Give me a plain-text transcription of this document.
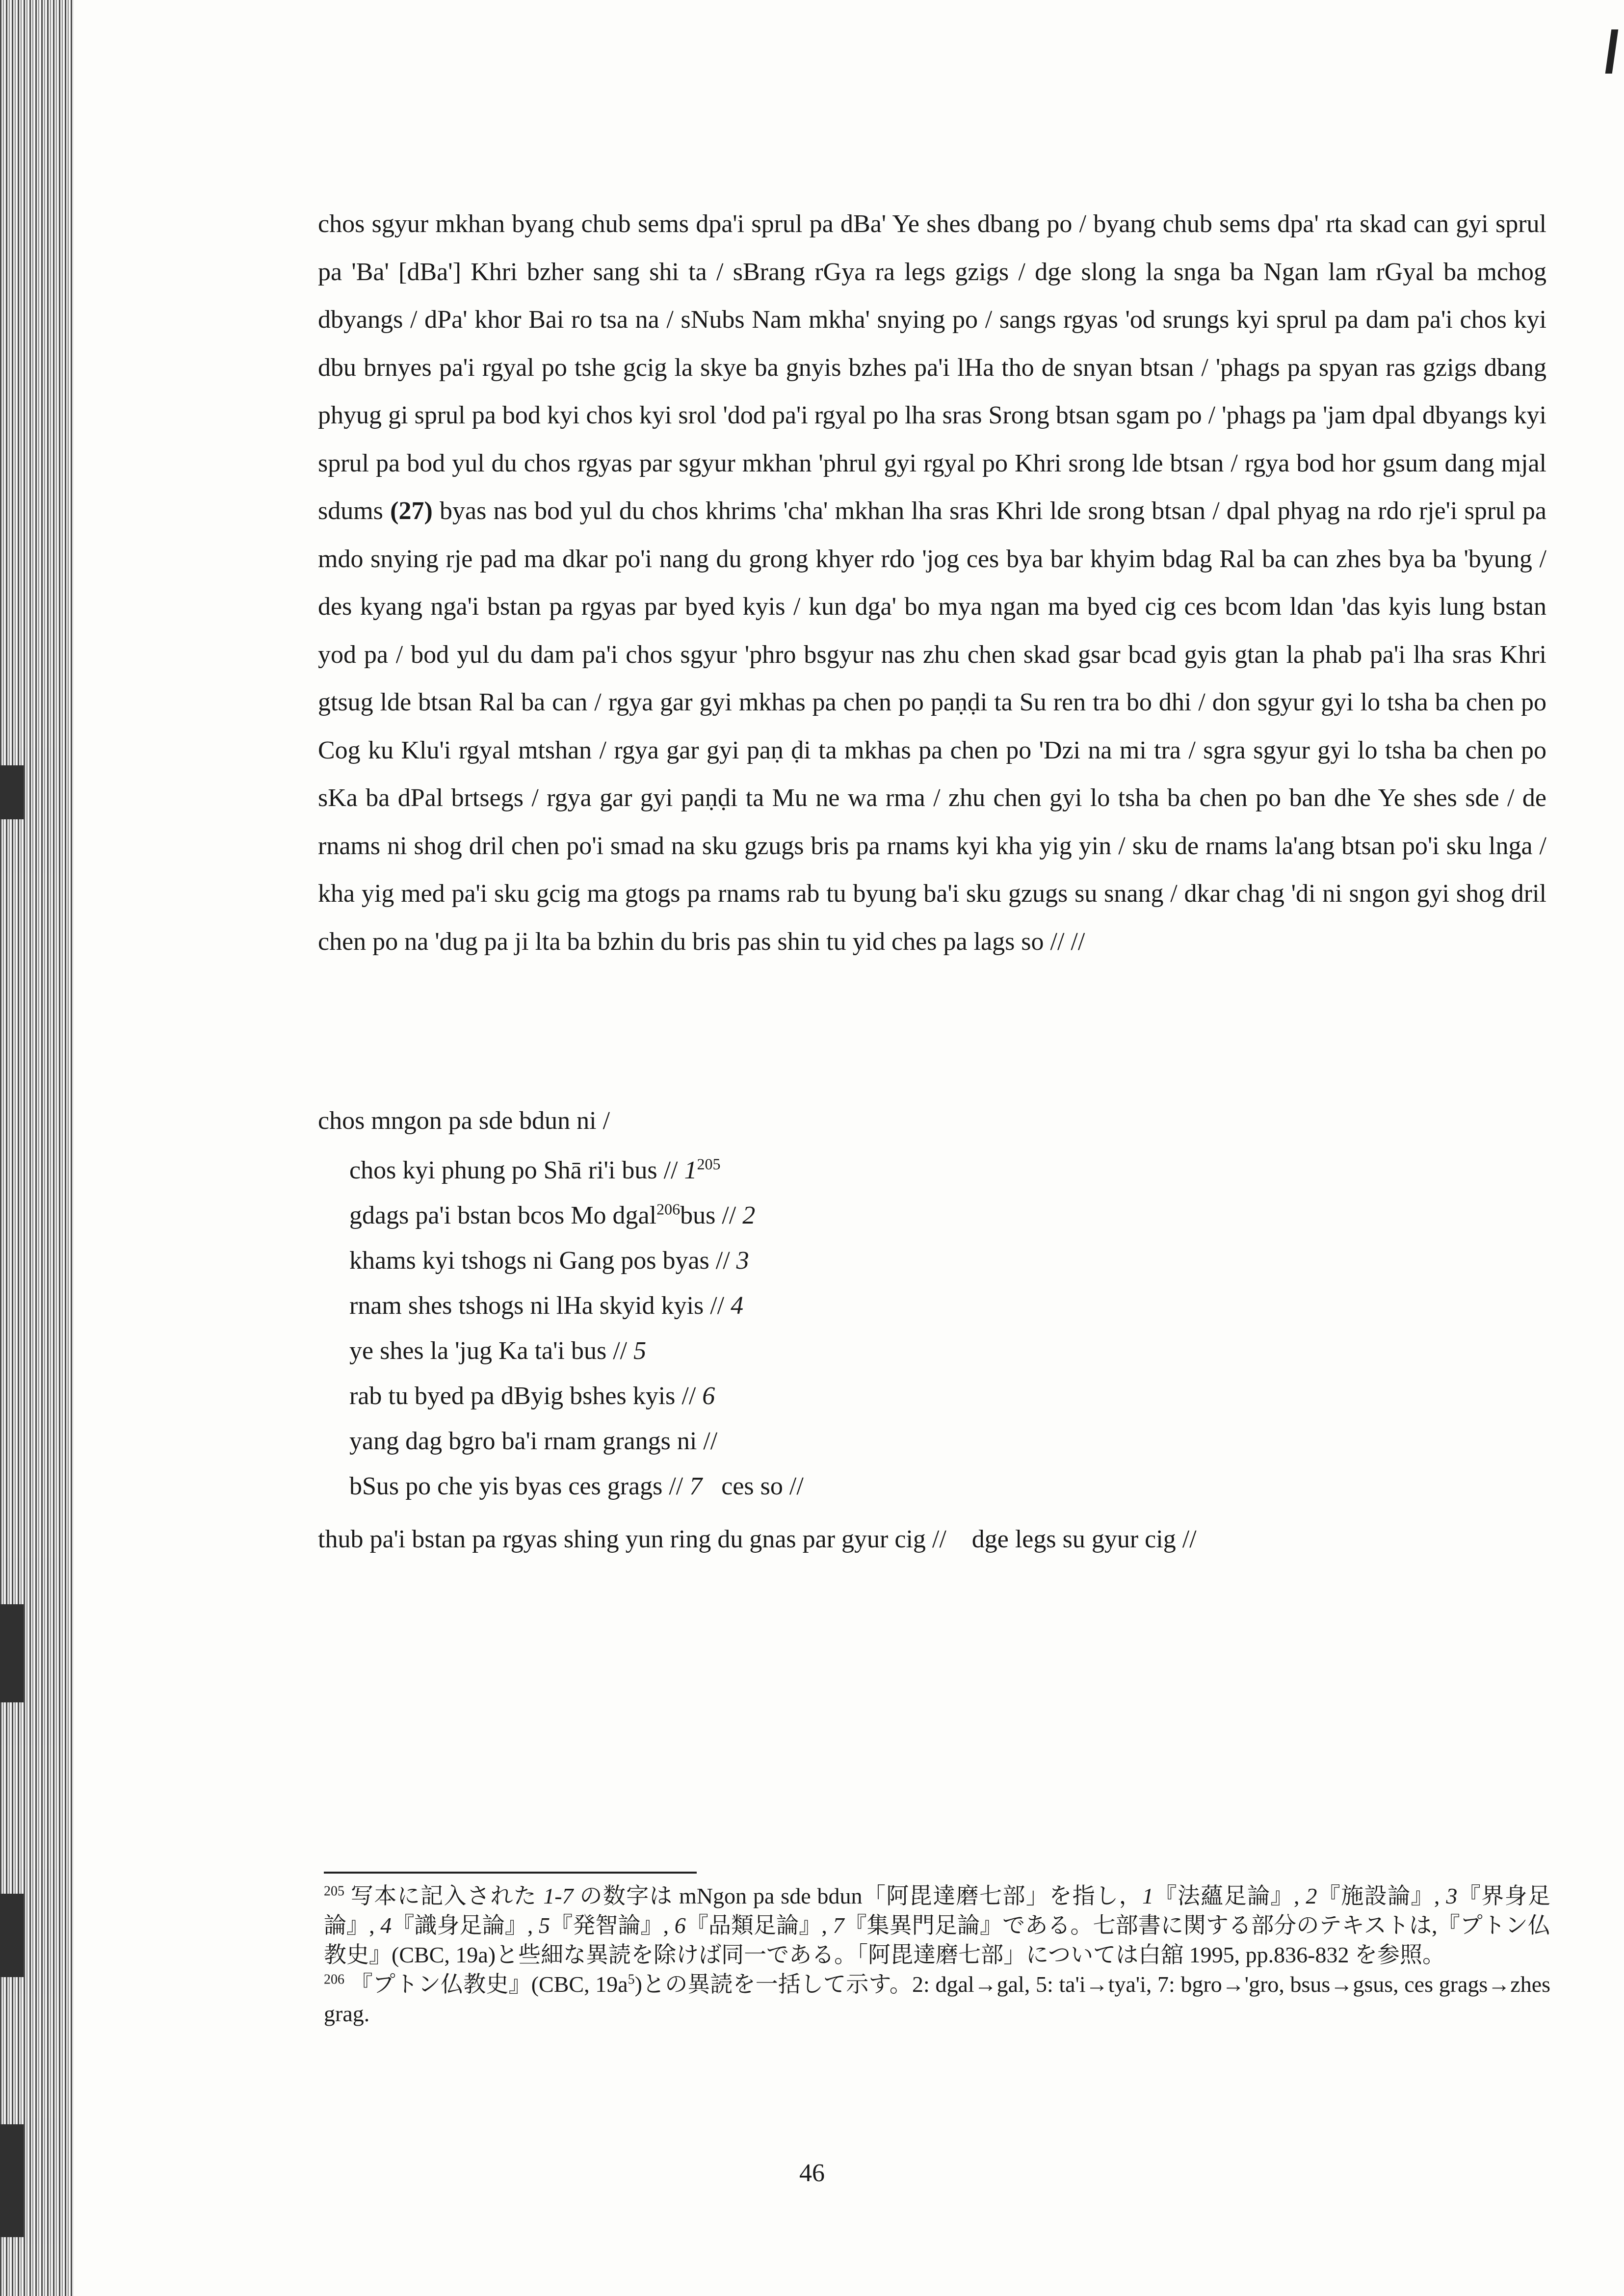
chos sgyur mkhan byang chub sems dpa'i sprul pa dBa' Ye shes dbang po / byang chub sems dpa' rta skad can gyi sprul pa 'Ba' [dBa'] Khri bzher sang shi ta / sBrang rGya ra legs gzigs / dge slong la snga ba Ngan lam rGyal ba mchog dbyangs / dPa' khor Bai ro tsa na / sNubs Nam mkha' snying po / sangs rgyas 'od srungs kyi sprul pa dam pa'i chos kyi dbu brnyes pa'i rgyal po tshe gcig la skye ba gnyis bzhes pa'i lHa tho de snyan btsan / 'phags pa spyan ras gzigs dbang phyug gi sprul pa bod kyi chos kyi srol 'dod pa'i rgyal po lha sras Srong btsan sgam po / 'phags pa 'jam dpal dbyangs kyi sprul pa bod yul du chos rgyas par sgyur mkhan 'phrul gyi rgyal po Khri srong lde btsan / rgya bod hor gsum dang mjal sdums (27) byas nas bod yul du chos khrims 'cha' mkhan lha sras Khri lde srong btsan / dpal phyag na rdo rje'i sprul pa mdo snying rje pad ma dkar po'i nang du grong khyer rdo 'jog ces bya bar khyim bdag Ral ba can zhes bya ba 'byung / des kyang nga'i bstan pa rgyas par byed kyis / kun dga' bo mya ngan ma byed cig ces bcom ldan 'das kyis lung bstan yod pa / bod yul du dam pa'i chos sgyur 'phro bsgyur nas zhu chen skad gsar bcad gyis gtan la phab pa'i lha sras Khri gtsug lde btsan Ral ba can / rgya gar gyi mkhas pa chen po paṇḍi ta Su ren tra bo dhi / don sgyur gyi lo tsha ba chen po Cog ku Klu'i rgyal mtshan / rgya gar gyi paṇ ḍi ta mkhas pa chen po 'Dzi na mi tra / sgra sgyur gyi lo tsha ba chen po sKa ba dPal brtsegs / rgya gar gyi paṇḍi ta Mu ne wa rma / zhu chen gyi lo tsha ba chen po ban dhe Ye shes sde / de rnams ni shog dril chen po'i smad na sku gzugs bris pa rnams kyi kha yig yin / sku de rnams la'ang btsan po'i sku lnga / kha yig med pa'i sku gcig ma gtogs pa rnams rab tu byung ba'i sku gzugs su snang / dkar chag 'di ni sngon gyi shog dril chen po na 'dug pa ji lta ba bzhin du bris pas shin tu yid ches pa lags so // //
chos mngon pa sde bdun ni /
chos kyi phung po Shā ri'i bus // $1^{205}$
gdags pa'i bstan bcos Mo dgal$^{206}$bus // 2
khams kyi tshogs ni Gang pos byas // 3
rnam shes tshogs ni lHa skyid kyis // 4
ye shes la 'jug Ka ta'i bus // 5
rab tu byed pa dByig bshes kyis // 6
yang dag bgro ba'i rnam grangs ni //
bSus po che yis byas ces grags // 7   ces so //
thub pa'i bstan pa rgyas shing yun ring du gnas par gyur cig //    dge legs su gyur cig //

$^{205}$ 写本に記入された 1-7 の数字は mNgon pa sde bdun「阿毘達磨七部」を指し，1『法蘊足論』, 2『施設論』, 3『界身足論』, 4『識身足論』, 5『発智論』, 6『品類足論』, 7『集異門足論』である。七部書に関する部分のテキストは,『プトン仏教史』(CBC, 19a)と些細な異読を除けば同一である。「阿毘達磨七部」については白舘 1995, pp.836-832 を参照。

$^{206}$ 『プトン仏教史』(CBC, $19a^5$)との異読を一括して示す。2: dgal→gal, 5: ta'i→tya'i, 7: bgro→'gro, bsus→gsus, ces grags→zhes grag.

46
